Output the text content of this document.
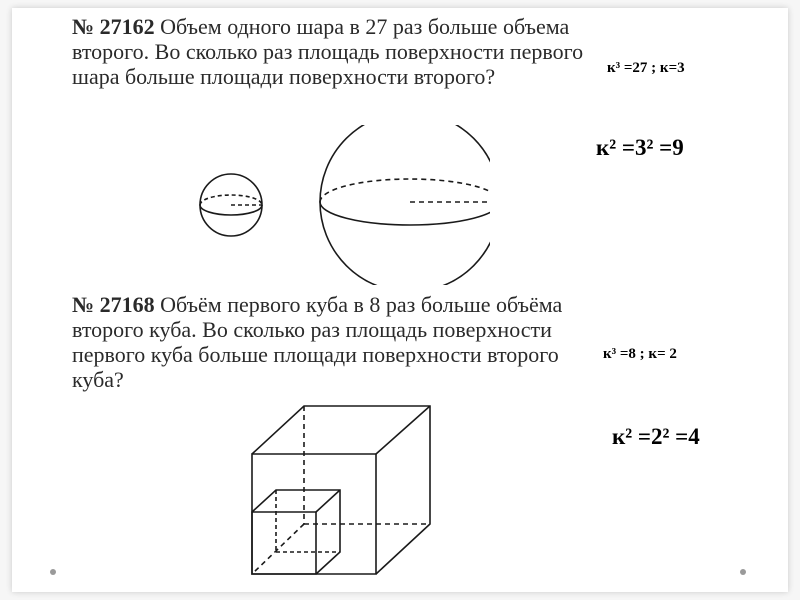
№ 27162 Объем одного шара в 27 раз больше объема второго. Во сколько раз площадь поверхности первого шара больше площади поверхности второго?

№ 27168 Объём первого куба в 8 раз больше объёма второго куба. Во сколько раз площадь поверхности первого куба больше площади поверхности второго куба?

к³ =27 ; к=3
к² =3² =9
к³ =8 ; к= 2
к² =2² =4
